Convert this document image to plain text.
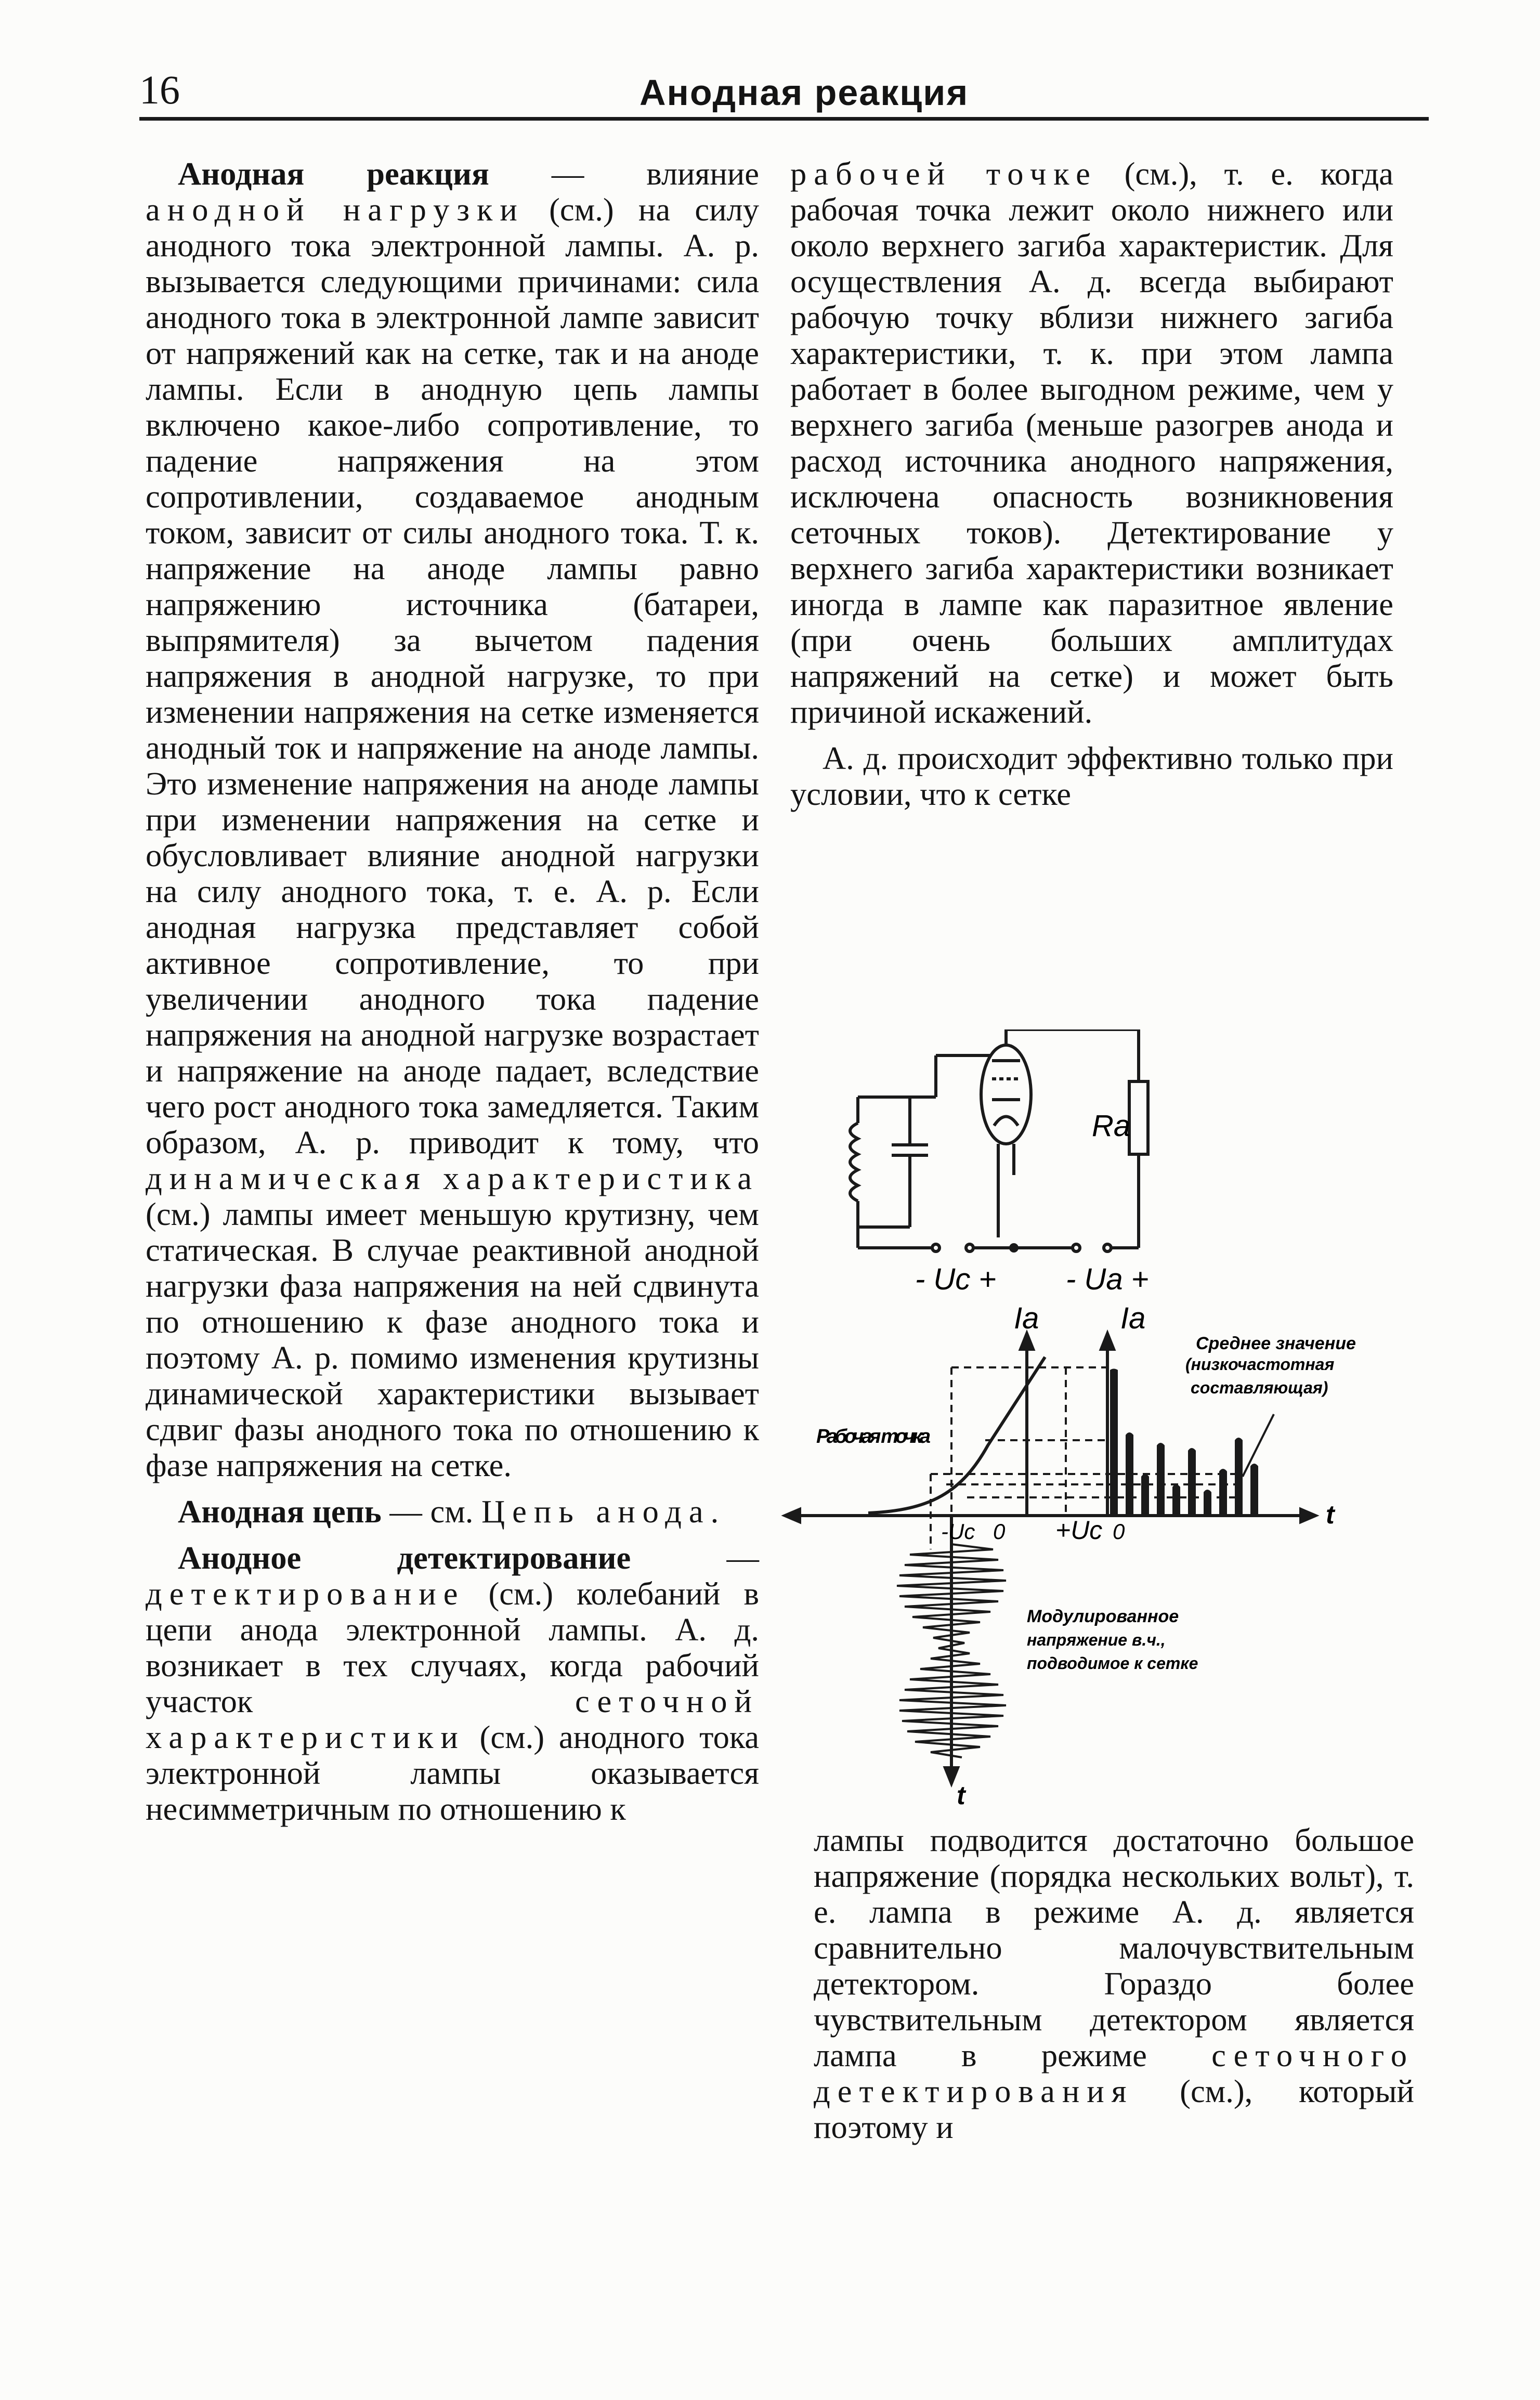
16	Анодная реакция

Анодная реакция — влияние анодной нагрузки (см.) на силу анодного тока электронной лампы. А. р. вызывается следующими причинами: сила анодного тока в электронной лампе зависит от напряжений как на сетке, так и на аноде лампы. Если в анодную цепь лампы включено какое-либо сопротивление, то падение напряжения на этом сопротивлении, создаваемое анодным током, зависит от силы анодного тока. Т. к. напряжение на аноде лампы равно напряжению источника (батареи, выпрямителя) за вычетом падения напряжения в анодной нагрузке, то при изменении напряжения на сетке изменяется анодный ток и напряжение на аноде лампы. Это изменение напряжения на аноде лампы при изменении напряжения на сетке и обусловливает влияние анодной нагрузки на силу анодного тока, т. е. А. р. Если анодная нагрузка представляет собой активное сопротивление, то при увеличении анодного тока падение напряжения на анодной нагрузке возрастает и напряжение на аноде падает, вследствие чего рост анодного тока замедляется. Таким образом, А. р. приводит к тому, что динамическая характеристика (см.) лампы имеет меньшую крутизну, чем статическая. В случае реактивной анодной нагрузки фаза напряжения на ней сдвинута по отношению к фазе анодного тока и поэтому А. р. помимо изменения крутизны динамической характеристики вызывает сдвиг фазы анодного тока по отношению к фазе напряжения на сетке.

Анодная цепь — см. Цепь анода.

Анодное детектирование — детектирование (см.) колебаний в цепи анода электронной лампы. А. д. возникает в тех случаях, когда рабочий участок сеточной характеристики (см.) анодного тока электронной лампы оказывается несимметричным по отношению к

рабочей точке (см.), т. е. когда рабочая точка лежит около нижнего или около верхнего загиба характеристик. Для осуществления А. д. всегда выбирают рабочую точку вблизи нижнего загиба характеристики, т. к. при этом лампа работает в более выгодном режиме, чем у верхнего загиба (меньше разогрев анода и расход источника анодного напряжения, исключена опасность возникновения сеточных токов). Детектирование у верхнего загиба характеристики возникает иногда в лампе как паразитное явление (при очень больших амплитудах напряжений на сетке) и может быть причиной искажений.

А. д. происходит эффективно только при условии, что к сетке

Ra
- Uc + - Ua +
Ia	Ia
Среднее значение
(низкочастотная
составляющая)
Рабочая точка
-Uc 0 +Uc 0
t
t
Модулированное
напряжение в.ч.,
подводимое к сетке

лампы подводится достаточно большое напряжение (порядка нескольких вольт), т. е. лампа в режиме А. д. является сравнительно малочувствительным детектором. Гораздо более чувствительным детектором является лампа в режиме сеточного детектирования (см.), который поэтому и
